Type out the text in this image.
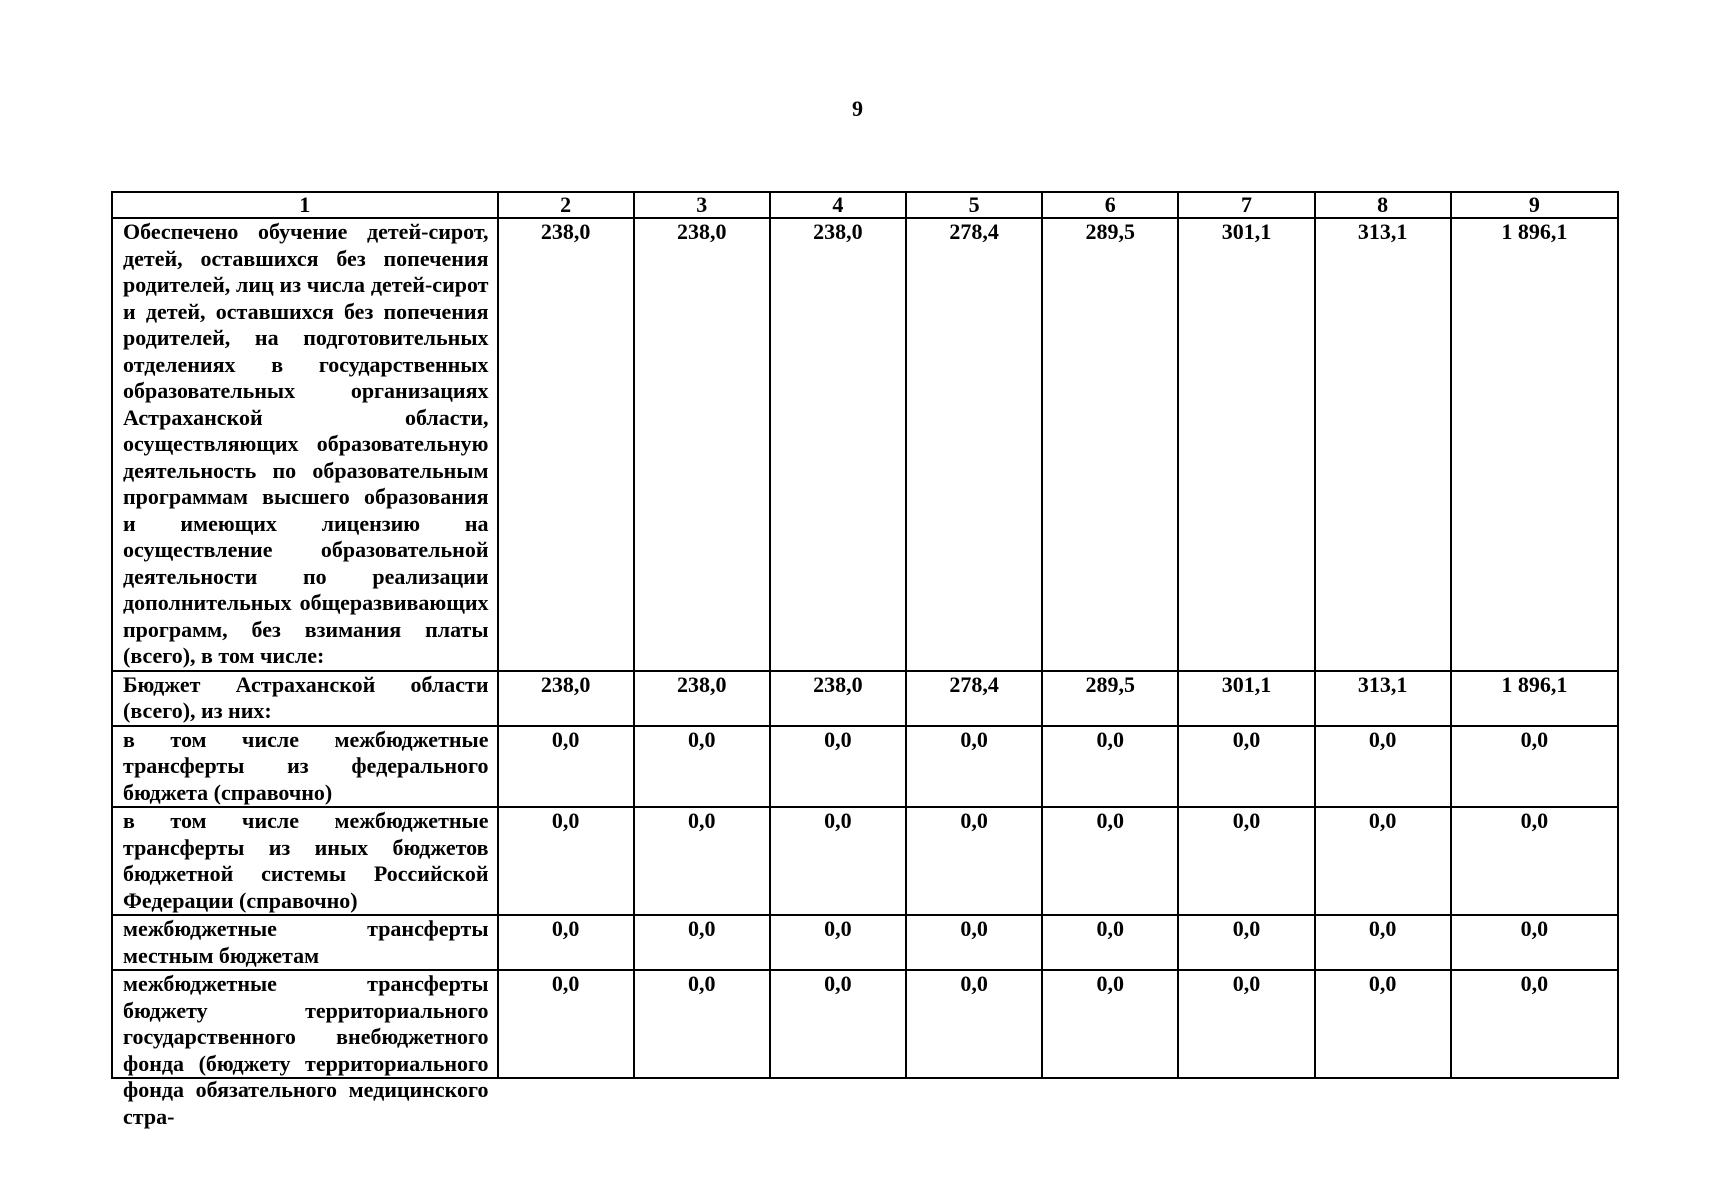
9
1	2	3	4	5	6	7	8	9
Обеспечено обучение детей-сирот, детей, оставшихся без попечения родителей, лиц из числа детей-сирот и детей, оставшихся без попечения родителей, на подготовительных отделениях в государственных образовательных организациях Астраханской области, осуществляющих образовательную деятельность по образовательным программам высшего образования и имеющих лицензию на осуществление образовательной деятельности по реализации дополнительных общеразвивающих программ, без взимания платы (всего), в том числе:	238,0	238,0	238,0	278,4	289,5	301,1	313,1	1 896,1
Бюджет Астраханской области (всего), из них:	238,0	238,0	238,0	278,4	289,5	301,1	313,1	1 896,1
в том числе межбюджетные трансферты из федерального бюджета (справочно)	0,0	0,0	0,0	0,0	0,0	0,0	0,0	0,0
в том числе межбюджетные трансферты из иных бюджетов бюджетной системы Российской Федерации (справочно)	0,0	0,0	0,0	0,0	0,0	0,0	0,0	0,0
межбюджетные трансферты местным бюджетам	0,0	0,0	0,0	0,0	0,0	0,0	0,0	0,0

межбюджетные трансферты бюджету территориального государственного внебюджетного фонда (бюджету территориального фонда обязательного медицинского стра-	0,0	0,0	0,0	0,0	0,0	0,0	0,0	0,0
